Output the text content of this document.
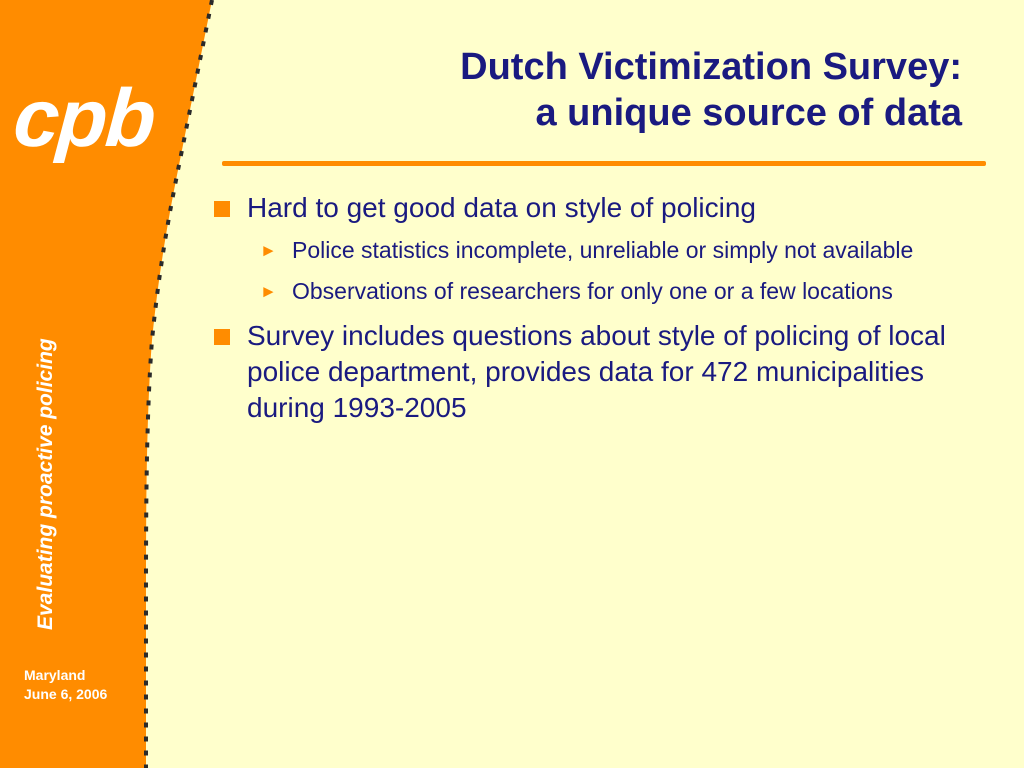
cpb
Evaluating proactive policing
Maryland
June 6, 2006
Dutch Victimization Survey:
a unique source of data
Hard to get good data on style of policing
► Police statistics incomplete, unreliable or simply not available
► Observations of researchers for only one or a few locations
Survey includes questions about style of policing of local police department, provides data for 472 municipalities during 1993-2005
